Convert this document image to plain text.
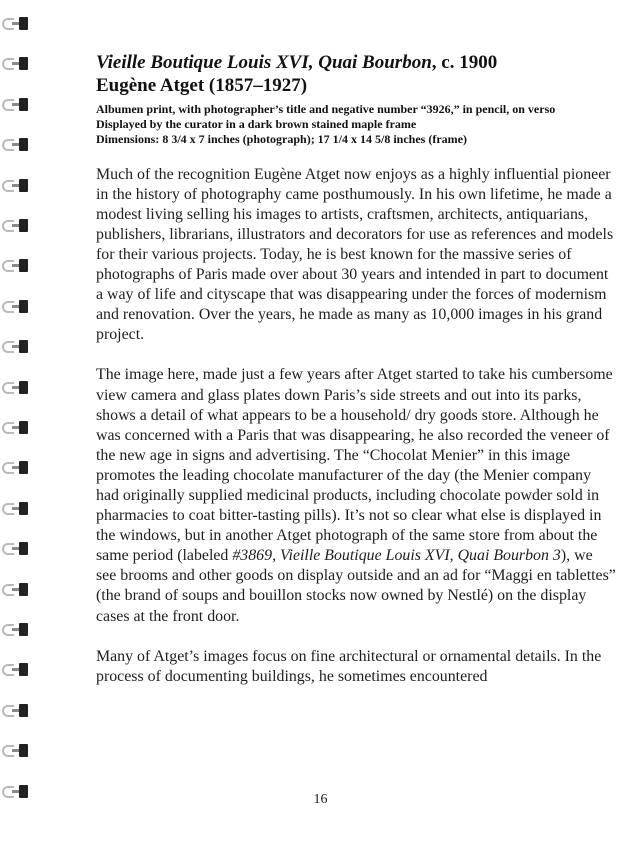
Vieille Boutique Louis XVI, Quai Bourbon, c. 1900
Eugène Atget (1857–1927)

Albumen print, with photographer’s title and negative number “3926,” in pencil, on verso

Displayed by the curator in a dark brown stained maple frame

Dimensions: 8 3/4 x 7 inches (photograph); 17 1/4 x 14 5/8 inches (frame)

Much of the recognition Eugène Atget now enjoys as a highly influential pioneer in the history of photography came posthumously. In his own lifetime, he made a modest living selling his images to artists, craftsmen, architects, antiquarians, publishers, librarians, illustrators and decorators for use as references and models for their various projects. Today, he is best known for the massive series of photographs of Paris made over about 30 years and intended in part to document a way of life and cityscape that was disappearing under the forces of modernism and renovation. Over the years, he made as many as 10,000 images in his grand project.

The image here, made just a few years after Atget started to take his cumbersome view camera and glass plates down Paris’s side streets and out into its parks, shows a detail of what appears to be a household/ dry goods store. Although he was concerned with a Paris that was disappearing, he also recorded the veneer of the new age in signs and advertising. The “Chocolat Menier” in this image promotes the leading chocolate manufacturer of the day (the Menier company had originally supplied medicinal products, including chocolate powder sold in pharmacies to coat bitter-tasting pills). It’s not so clear what else is displayed in the windows, but in another Atget photograph of the same store from about the same period (labeled #3869, Vieille Boutique Louis XVI, Quai Bourbon 3), we see brooms and other goods on display outside and an ad for “Maggi en tablettes” (the brand of soups and bouillon stocks now owned by Nestlé) on the display cases at the front door.

Many of Atget’s images focus on fine architectural or ornamental details. In the process of documenting buildings, he sometimes encountered

16
